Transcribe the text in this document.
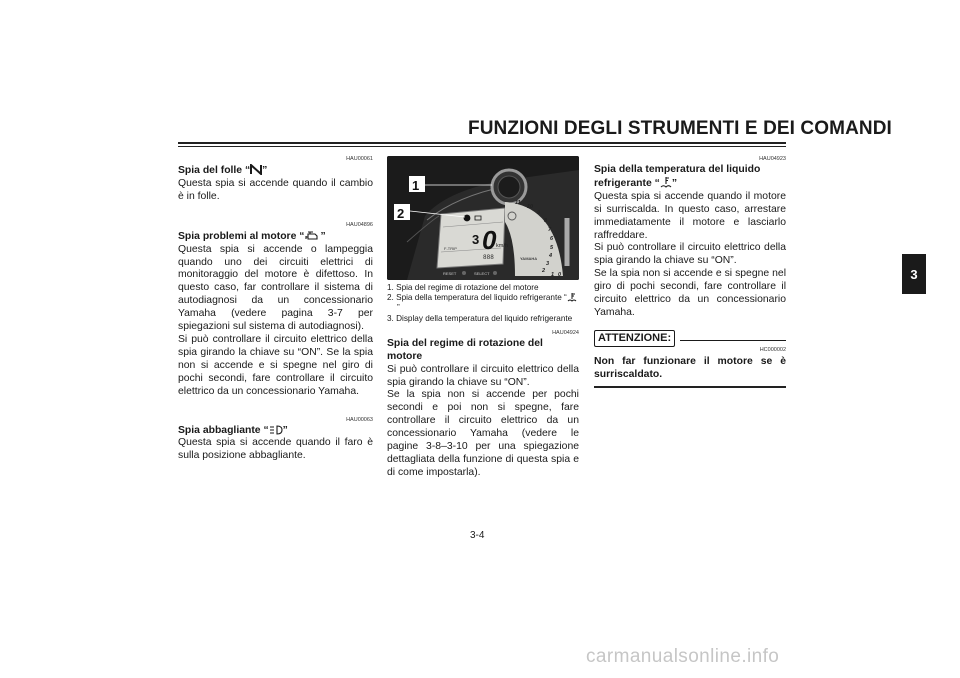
FUNZIONI DEGLI STRUMENTI E DEI COMANDI
3
HAU00061
Spia del folle “ ”

Questa spia si accende quando il cambio è in folle.

HAU04896
Spia problemi al motore “ ”

Questa spia si accende o lampeggia quando uno dei circuiti elettrici di monitoraggio del motore è difettoso. In questo caso, far controllare il sistema di autodiagnosi da un concessionario Yamaha (vedere pagina 3-7 per spiegazioni sul sistema di autodiagnosi).

Si può controllare il circuito elettrico della spia girando la chiave su “ON”. Se la spia non si accende e si spegne nel giro di pochi secondi, fare controllare il circuito elettrico da un concessionario Yamaha.

HAU00063
Spia abbagliante “ ”

Questa spia si accende quando il faro è sulla posizione abbagliante.

0 km/h
F-TRIP
888
RESET	SELECT
11
10
9
8
7
6
5
4
3
2
1 0
YAMAHA
1
2
3
1. Spia del regime di rotazione del motore
2. Spia della temperatura del liquido refrigerante “”
3. Display della temperatura del liquido refrigerante
HAU04924
Spia del regime di rotazione del motore

Si può controllare il circuito elettrico della spia girando la chiave su “ON”.

Se la spia non si accende per pochi secondi e poi non si spegne, fare controllare il circuito elettrico da un concessionario Yamaha (vedere le pagine 3-8–3-10 per una spiegazione dettagliata della funzione di questa spia e di come impostarla).

HAU04923
Spia della temperatura del liquido refrigerante “ ”

Questa spia si accende quando il motore si surriscalda. In questo caso, arrestare immediatamente il motore e lasciarlo raffreddare.

Si può controllare il circuito elettrico della spia girando la chiave su “ON”.

Se la spia non si accende e si spegne nel giro di pochi secondi, fare controllare il circuito elettrico da un concessionario Yamaha.

ATTENZIONE:
HC000002

Non far funzionare il motore se è surriscaldato.

3-4
carmanualsonline.info
